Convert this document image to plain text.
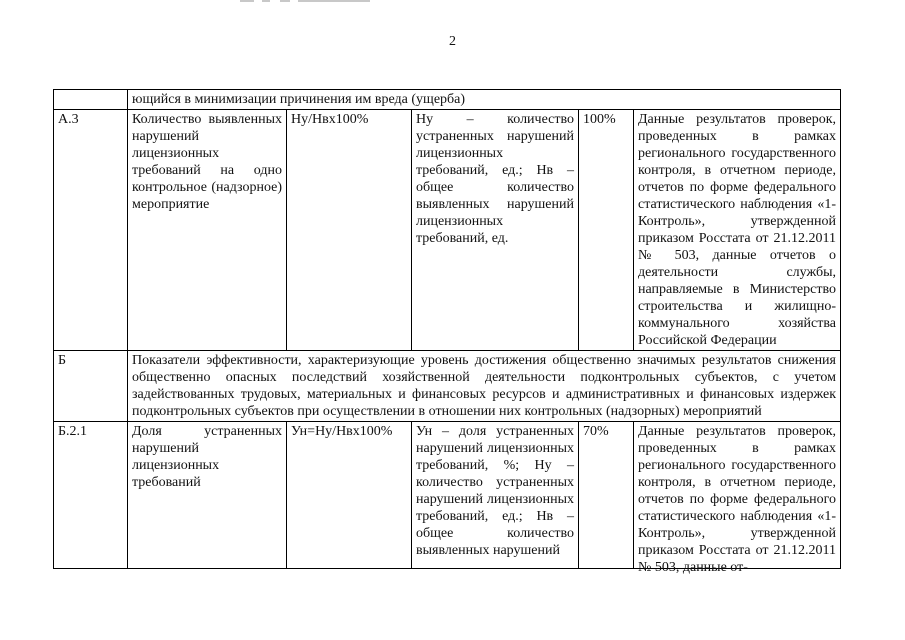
2
	ющийся в минимизации причинения им вреда (ущерба)				
А.3	Количество выявленных нарушений лицензионных требований на одно контрольное (надзорное) мероприятие	Ну/Нвх100%	Ну – количество устраненных нарушений лицензионных требований, ед.; Нв – общее количество выявленных нарушений лицензионных требований, ед.	100%	Данные результатов проверок, проведенных в рамках регионального государственного контроля, в отчетном периоде, отчетов по форме федерального статистического наблюдения «1-Контроль», утвержденной приказом Росстата от 21.12.2011 № 503, данные отчетов о деятельности службы, направляемые в Министерство строительства и жилищно-коммунального хозяйства Российской Федерации
Б	Показатели эффективности, характеризующие уровень достижения общественно значимых результатов снижения общественно опасных последствий хозяйственной деятельности подконтрольных субъектов, с учетом задействованных трудовых, материальных и финансовых ресурсов и административных и финансовых издержек подконтрольных субъектов при осуществлении в отношении них контрольных (надзорных) мероприятий				
Б.2.1	Доля устраненных нарушений лицензионных требований	Ун=Ну/Нвх100%	Ун – доля устраненных нарушений лицензионных требований, %; Ну – количество устраненных нарушений лицензионных требований, ед.; Нв – общее количество выявленных нарушений	70%	Данные результатов проверок, проведенных в рамках регионального государственного контроля, в отчетном периоде, отчетов по форме федерального статистического наблюдения «1-Контроль», утвержденной приказом Росстата от 21.12.2011 № 503, данные от-
